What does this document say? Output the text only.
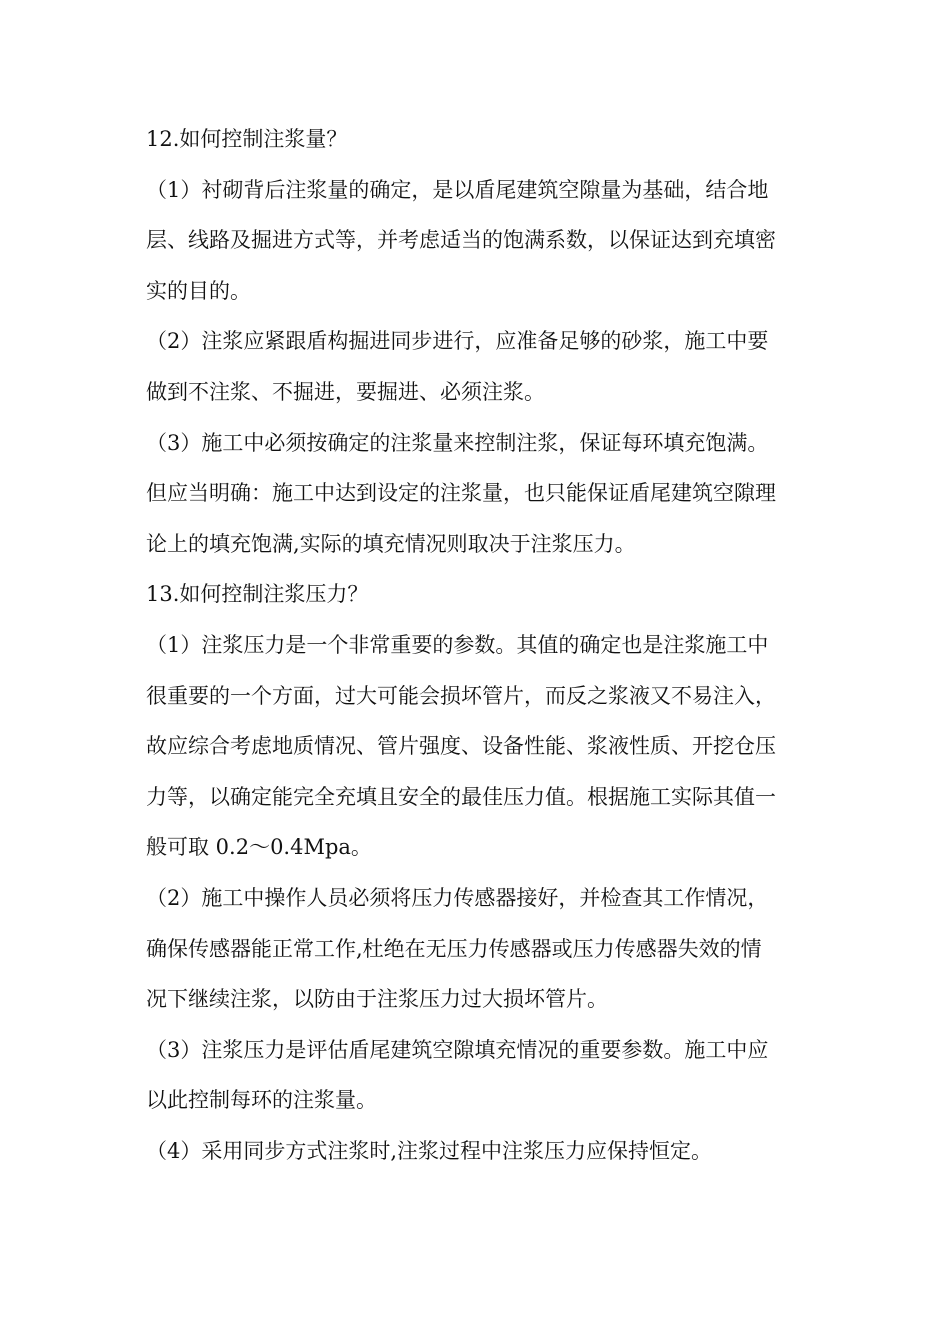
12.如何控制注浆量？
（1）衬砌背后注浆量的确定，是以盾尾建筑空隙量为基础，结合地
层、线路及掘进方式等，并考虑适当的饱满系数，以保证达到充填密
实的目的。
（2）注浆应紧跟盾构掘进同步进行，应准备足够的砂浆，施工中要
做到不注浆、不掘进，要掘进、必须注浆。
（3）施工中必须按确定的注浆量来控制注浆，保证每环填充饱满。
但应当明确：施工中达到设定的注浆量，也只能保证盾尾建筑空隙理
论上的填充饱满,实际的填充情况则取决于注浆压力。
13.如何控制注浆压力？
（1）注浆压力是一个非常重要的参数。其值的确定也是注浆施工中
很重要的一个方面，过大可能会损坏管片，而反之浆液又不易注入，
故应综合考虑地质情况、管片强度、设备性能、浆液性质、开挖仓压
力等，以确定能完全充填且安全的最佳压力值。根据施工实际其值一
般可取 0.2～0.4Mpa。
（2）施工中操作人员必须将压力传感器接好，并检查其工作情况，
确保传感器能正常工作,杜绝在无压力传感器或压力传感器失效的情
况下继续注浆，以防由于注浆压力过大损坏管片。
（3）注浆压力是评估盾尾建筑空隙填充情况的重要参数。施工中应
以此控制每环的注浆量。
（4）采用同步方式注浆时,注浆过程中注浆压力应保持恒定。
